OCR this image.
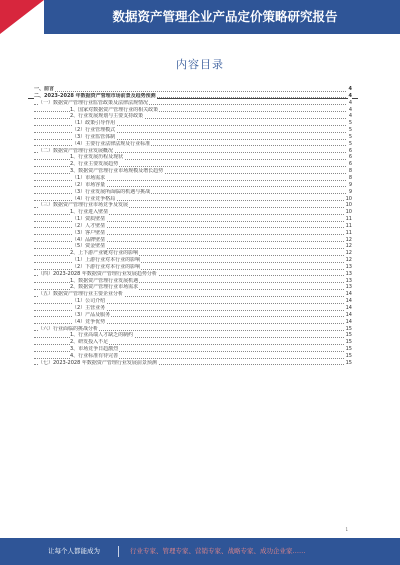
数据资产管理企业产品定价策略研究报告
内容目录
一、前言	4
二、2023-2028 年数据资产管理市场前景及趋势预测	4
（一）数据资产管理行业监管政策及法律法规情况	4
1、国家对数据资产管理行业的相关政策	4
2、行业发展规划与主要支持政策	4
（1）政策引导作用	5
（2）行业管理模式	5
（3）行业监管体制	5
（4）主要行业法律法规及行业标准	5
（二）数据资产管理行业发展概况	6
1、行业发展历程及现状	6
2、行业主要发展趋势	6
3、数据资产管理行业市场规模及增长趋势	8
（1）市场需求	8
（2）市场容量	9
（3）行业发展所面临的机遇与挑战	9
（4）行业竞争格局	10
（三）数据资产管理行业市场竞争及发展	10
1、行业进入壁垒	10
（1）资质壁垒	11
（2）人才壁垒	11
（3）客户壁垒	11
（4）品牌壁垒	12
（5）资金壁垒	12
2、上下游产业链对行业的影响	12
（1）上游行业对本行业的影响	12
（2）下游行业对本行业的影响	13
（四）2023-2028 年数据资产管理行业发展趋势分析	13
1、数据资产管理行业发展机遇	13
2、数据资产管理行业市场需求	13
（五）数据资产管理行业主要企业分析	14
（1）公司介绍	14
（2）主营业务	14
（3）产品及服务	14
（4）竞争优势	14
（六）行业面临的挑战分析	15
1、行业高端人才缺乏的制约	15
2、研发投入不足	15
3、市场竞争日趋激烈	15
4、行业标准有待完善	15
（七）2023-2028 年数据资产管理行业发展前景预测	15
1
让每个人都能成为	行业专家、管理专家、营销专家、战略专家、成功企业家……
